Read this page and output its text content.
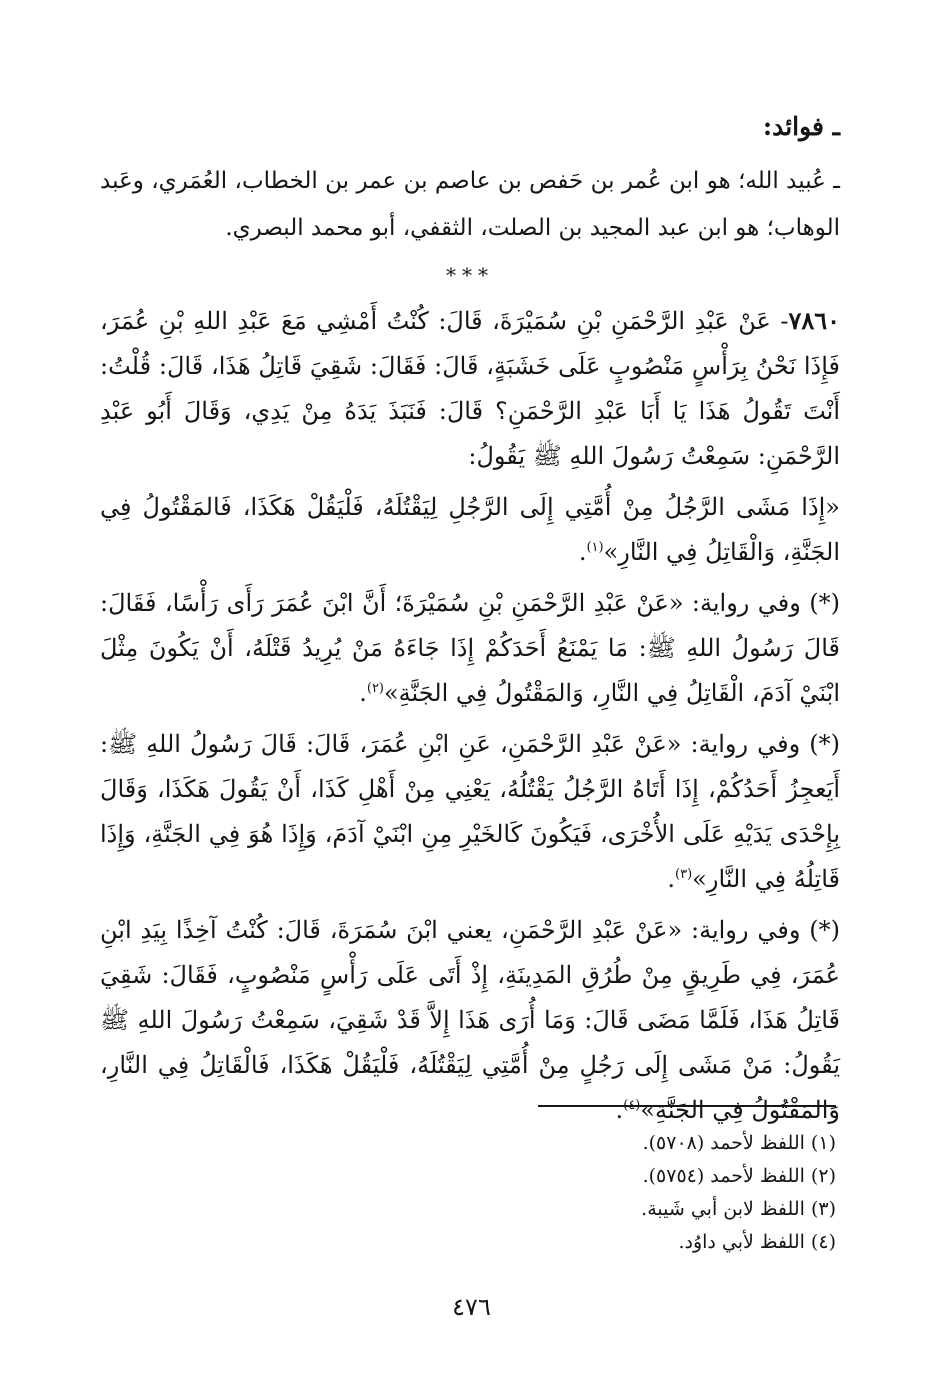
ـ فوائد:

ـ عُبيد الله؛ هو ابن عُمر بن حَفص بن عاصم بن عمر بن الخطاب، العُمَري، وعَبد الوهاب؛ هو ابن عبد المجيد بن الصلت، الثقفي، أبو محمد البصري.

***

٧٨٦٠- عَنْ عَبْدِ الرَّحْمَنِ بْنِ سُمَيْرَةَ، قَالَ: كُنْتُ أَمْشِي مَعَ عَبْدِ اللهِ بْنِ عُمَرَ، فَإِذَا نَحْنُ بِرَأْسٍ مَنْصُوبٍ عَلَى خَشَبَةٍ، قَالَ: فَقَالَ: شَقِيَ قَاتِلُ هَذَا، قَالَ: قُلْتُ: أَنْتَ تَقُولُ هَذَا يَا أَبَا عَبْدِ الرَّحْمَنِ؟ قَالَ: فَنَبَذَ يَدَهُ مِنْ يَدِي، وَقَالَ أَبُو عَبْدِ الرَّحْمَنِ: سَمِعْتُ رَسُولَ اللهِ ﷺ يَقُولُ:

«إِذَا مَشَى الرَّجُلُ مِنْ أُمَّتِي إِلَى الرَّجُلِ لِيَقْتُلَهُ، فَلْيَقُلْ هَكَذَا، فَالمَقْتُولُ فِي الجَنَّةِ، وَالْقَاتِلُ فِي النَّارِ»$^{(١)}$.

(*) وفي رواية: «عَنْ عَبْدِ الرَّحْمَنِ بْنِ سُمَيْرَةَ؛ أَنَّ ابْنَ عُمَرَ رَأَى رَأْسًا، فَقَالَ: قَالَ رَسُولُ اللهِ ﷺ: مَا يَمْنَعُ أَحَدَكُمْ إِذَا جَاءَهُ مَنْ يُرِيدُ قَتْلَهُ، أَنْ يَكُونَ مِثْلَ ابْنَيْ آدَمَ، الْقَاتِلُ فِي النَّارِ، وَالمَقْتُولُ فِي الجَنَّةِ»$^{(٢)}$.

(*) وفي رواية: «عَنْ عَبْدِ الرَّحْمَنِ، عَنِ ابْنِ عُمَرَ، قَالَ: قَالَ رَسُولُ اللهِ ﷺ: أَيَعجِزُ أَحَدُكُمْ، إِذَا أَتَاهُ الرَّجُلُ يَقْتُلُهُ، يَعْنِي مِنْ أَهْلِ كَذَا، أَنْ يَقُولَ هَكَذَا، وَقَالَ بِإِحْدَى يَدَيْهِ عَلَى الأُخْرَى، فَيَكُونَ كَالخَيْرِ مِنِ ابْنَيْ آدَمَ، وَإِذَا هُوَ فِي الجَنَّةِ، وَإِذَا قَاتِلُهُ فِي النَّارِ»$^{(٣)}$.

(*) وفي رواية: «عَنْ عَبْدِ الرَّحْمَنِ، يعني ابْنَ سُمَرَةَ، قَالَ: كُنْتُ آخِذًا بِيَدِ ابْنِ عُمَرَ، فِي طَرِيقٍ مِنْ طُرُقِ المَدِينَةِ، إِذْ أَتَى عَلَى رَأْسٍ مَنْصُوبٍ، فَقَالَ: شَقِيَ قَاتِلُ هَذَا، فَلَمَّا مَضَى قَالَ: وَمَا أُرَى هَذَا إِلاَّ قَدْ شَقِيَ، سَمِعْتُ رَسُولَ اللهِ ﷺ يَقُولُ: مَنْ مَشَى إِلَى رَجُلٍ مِنْ أُمَّتِي لِيَقْتُلَهُ، فَلْيَقُلْ هَكَذَا، فَالْقَاتِلُ فِي النَّارِ، وَالمَقْتُولُ فِي الجَنَّةِ»$^{(٤)}$.

(١) اللفظ لأحمد (٥٧٠٨).
(٢) اللفظ لأحمد (٥٧٥٤).
(٣) اللفظ لابن أبي شَيبة.
(٤) اللفظ لأبي داوُد.
٤٧٦
